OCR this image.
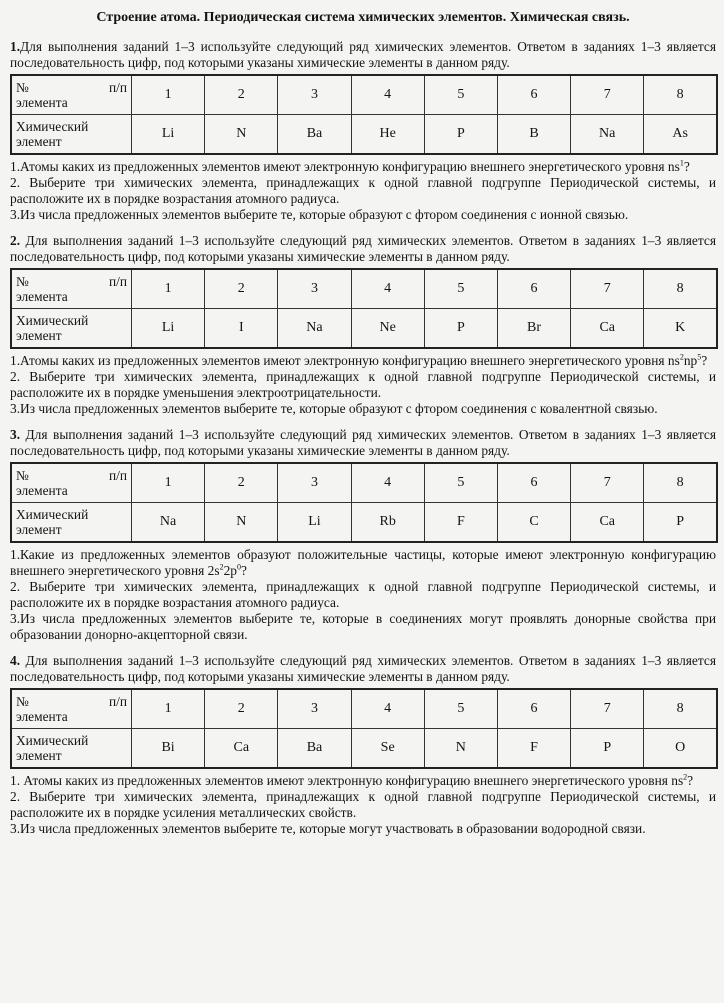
Строение атома. Периодическая система химических элементов. Химическая связь.

1.Для выполнения заданий 1–3 используйте следующий ряд химических элементов. Ответом в заданиях 1–3 является последовательность цифр, под которыми указаны химические элементы в данном ряду.

№ п/п
элемента	1	2	3	4	5	6	7	8
Химический элемент	Li	N	Ba	He	P	B	Na	As

1.Атомы каких из предложенных элементов имеют электронную конфигурацию внешнего энергетического уровня $ns^1$?

2. Выберите три химических элемента, принадлежащих к одной главной подгруппе Периодической системы, и расположите их в порядке возрастания атомного радиуса.

3.Из числа предложенных элементов выберите те, которые образуют с фтором соединения с ионной связью.

2. Для выполнения заданий 1–3 используйте следующий ряд химических элементов. Ответом в заданиях 1–3 является последовательность цифр, под которыми указаны химические элементы в данном ряду.

№ п/п
элемента	1	2	3	4	5	6	7	8
Химический элемент	Li	I	Na	Ne	P	Br	Ca	K

1.Атомы каких из предложенных элементов имеют электронную конфигурацию внешнего энергетического уровня $ns^2np^5$?

2. Выберите три химических элемента, принадлежащих к одной главной подгруппе Периодической системы, и расположите их в порядке уменьшения электроотрицательности.

3.Из числа предложенных элементов выберите те, которые образуют с фтором соединения с ковалентной связью.

3. Для выполнения заданий 1–3 используйте следующий ряд химических элементов. Ответом в заданиях 1–3 является последовательность цифр, под которыми указаны химические элементы в данном ряду.

№ п/п
элемента	1	2	3	4	5	6	7	8
Химический элемент	Na	N	Li	Rb	F	C	Ca	P

1.Какие из предложенных элементов образуют положительные частицы, которые имеют электронную конфигурацию внешнего энергетического уровня $2s^22p^0$?

2. Выберите три химических элемента, принадлежащих к одной главной подгруппе Периодической системы, и расположите их в порядке возрастания атомного радиуса.

3.Из числа предложенных элементов выберите те, которые в соединениях могут проявлять донорные свойства при образовании донорно-акцепторной связи.

4. Для выполнения заданий 1–3 используйте следующий ряд химических элементов. Ответом в заданиях 1–3 является последовательность цифр, под которыми указаны химические элементы в данном ряду.

№ п/п
элемента	1	2	3	4	5	6	7	8
Химический элемент	Bi	Ca	Ba	Se	N	F	P	O

1. Атомы каких из предложенных элементов имеют электронную конфигурацию внешнего энергетического уровня $ns^2$?

2. Выберите три химических элемента, принадлежащих к одной главной подгруппе Периодической системы, и расположите их в порядке усиления металлических свойств.

3.Из числа предложенных элементов выберите те, которые могут участвовать в образовании водородной связи.
